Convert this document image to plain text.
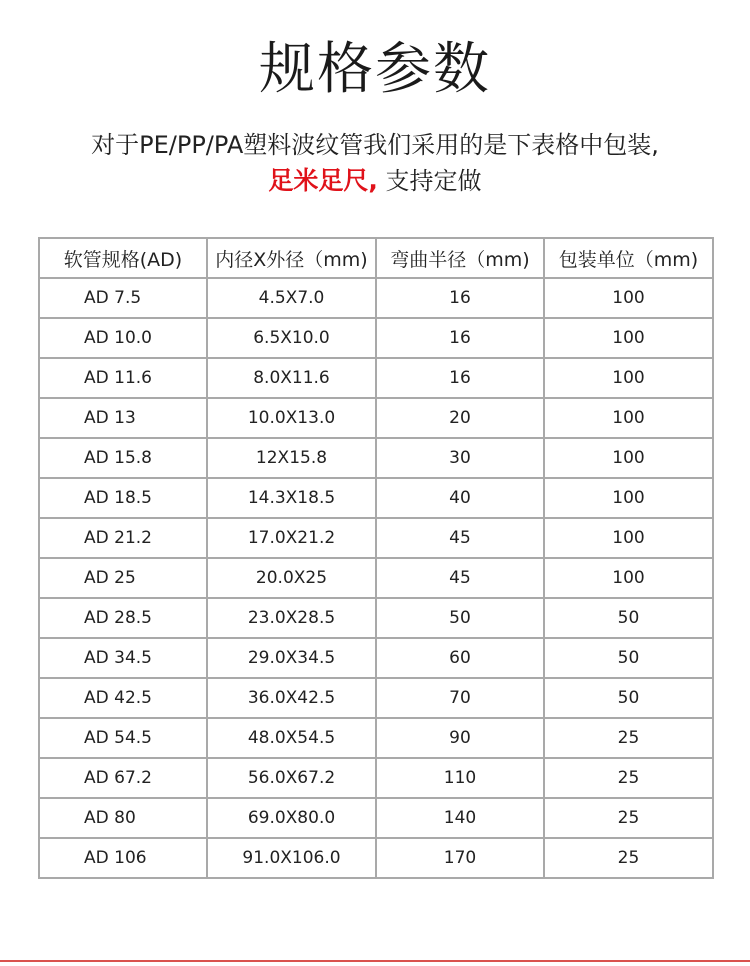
规格参数
对于PE/PP/PA塑料波纹管我们采用的是下表格中包装,
足米足尺, 支持定做
软管规格(AD)	内径X外径（mm)	弯曲半径（mm)	包装单位（mm)
AD 7.5	4.5X7.0	16	100
AD 10.0	6.5X10.0	16	100
AD 11.6	8.0X11.6	16	100
AD 13	10.0X13.0	20	100
AD 15.8	12X15.8	30	100
AD 18.5	14.3X18.5	40	100
AD 21.2	17.0X21.2	45	100
AD 25	20.0X25	45	100
AD 28.5	23.0X28.5	50	50
AD 34.5	29.0X34.5	60	50
AD 42.5	36.0X42.5	70	50
AD 54.5	48.0X54.5	90	25
AD 67.2	56.0X67.2	110	25
AD 80	69.0X80.0	140	25
AD 106	91.0X106.0	170	25
